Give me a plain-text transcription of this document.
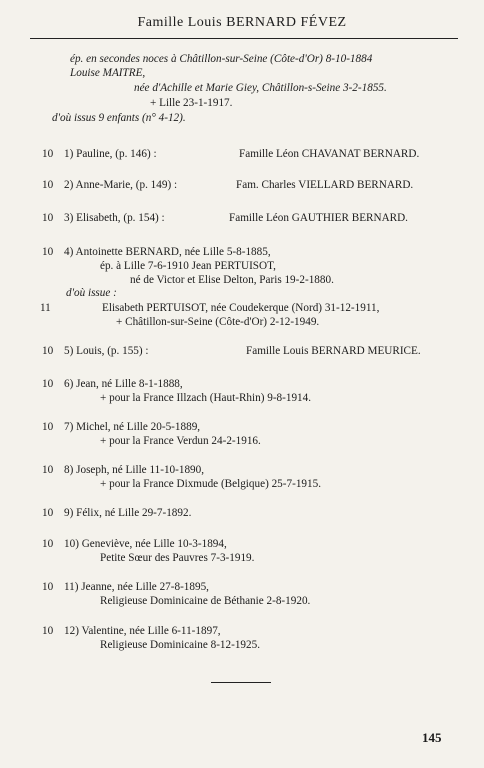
Famille Louis BERNARD FÉVEZ
ép. en secondes noces à Châtillon-sur-Seine (Côte-d'Or) 8-10-1884
Louise MAITRE,
née d'Achille et Marie Giey, Châtillon-s-Seine 3-2-1855.
+ Lille 23-1-1917.
d'où issus 9 enfants (n° 4-12).
10 1) Pauline, (p. 146) :	Famille Léon CHAVANAT BERNARD.
10 2) Anne-Marie, (p. 149) :	Fam. Charles VIELLARD BERNARD.
10 3) Elisabeth, (p. 154) :	Famille Léon GAUTHIER BERNARD.
10 4) Antoinette BERNARD, née Lille 5-8-1885,
ép. à Lille 7-6-1910 Jean PERTUISOT,
né de Victor et Elise Delton, Paris 19-2-1880.
d'où issue :
11	Elisabeth PERTUISOT, née Coudekerque (Nord) 31-12-1911,
+ Châtillon-sur-Seine (Côte-d'Or) 2-12-1949.
10 5) Louis, (p. 155) :	Famille Louis BERNARD MEURICE.
10 6) Jean, né Lille 8-1-1888,
+ pour la France Illzach (Haut-Rhin) 9-8-1914.
10 7) Michel, né Lille 20-5-1889,
+ pour la France Verdun 24-2-1916.
10 8) Joseph, né Lille 11-10-1890,
+ pour la France Dixmude (Belgique) 25-7-1915.
10 9) Félix, né Lille 29-7-1892.
10 10) Geneviève, née Lille 10-3-1894,
Petite Sœur des Pauvres 7-3-1919.
10 11) Jeanne, née Lille 27-8-1895,
Religieuse Dominicaine de Béthanie 2-8-1920.
10 12) Valentine, née Lille 6-11-1897,
Religieuse Dominicaine 8-12-1925.
145
